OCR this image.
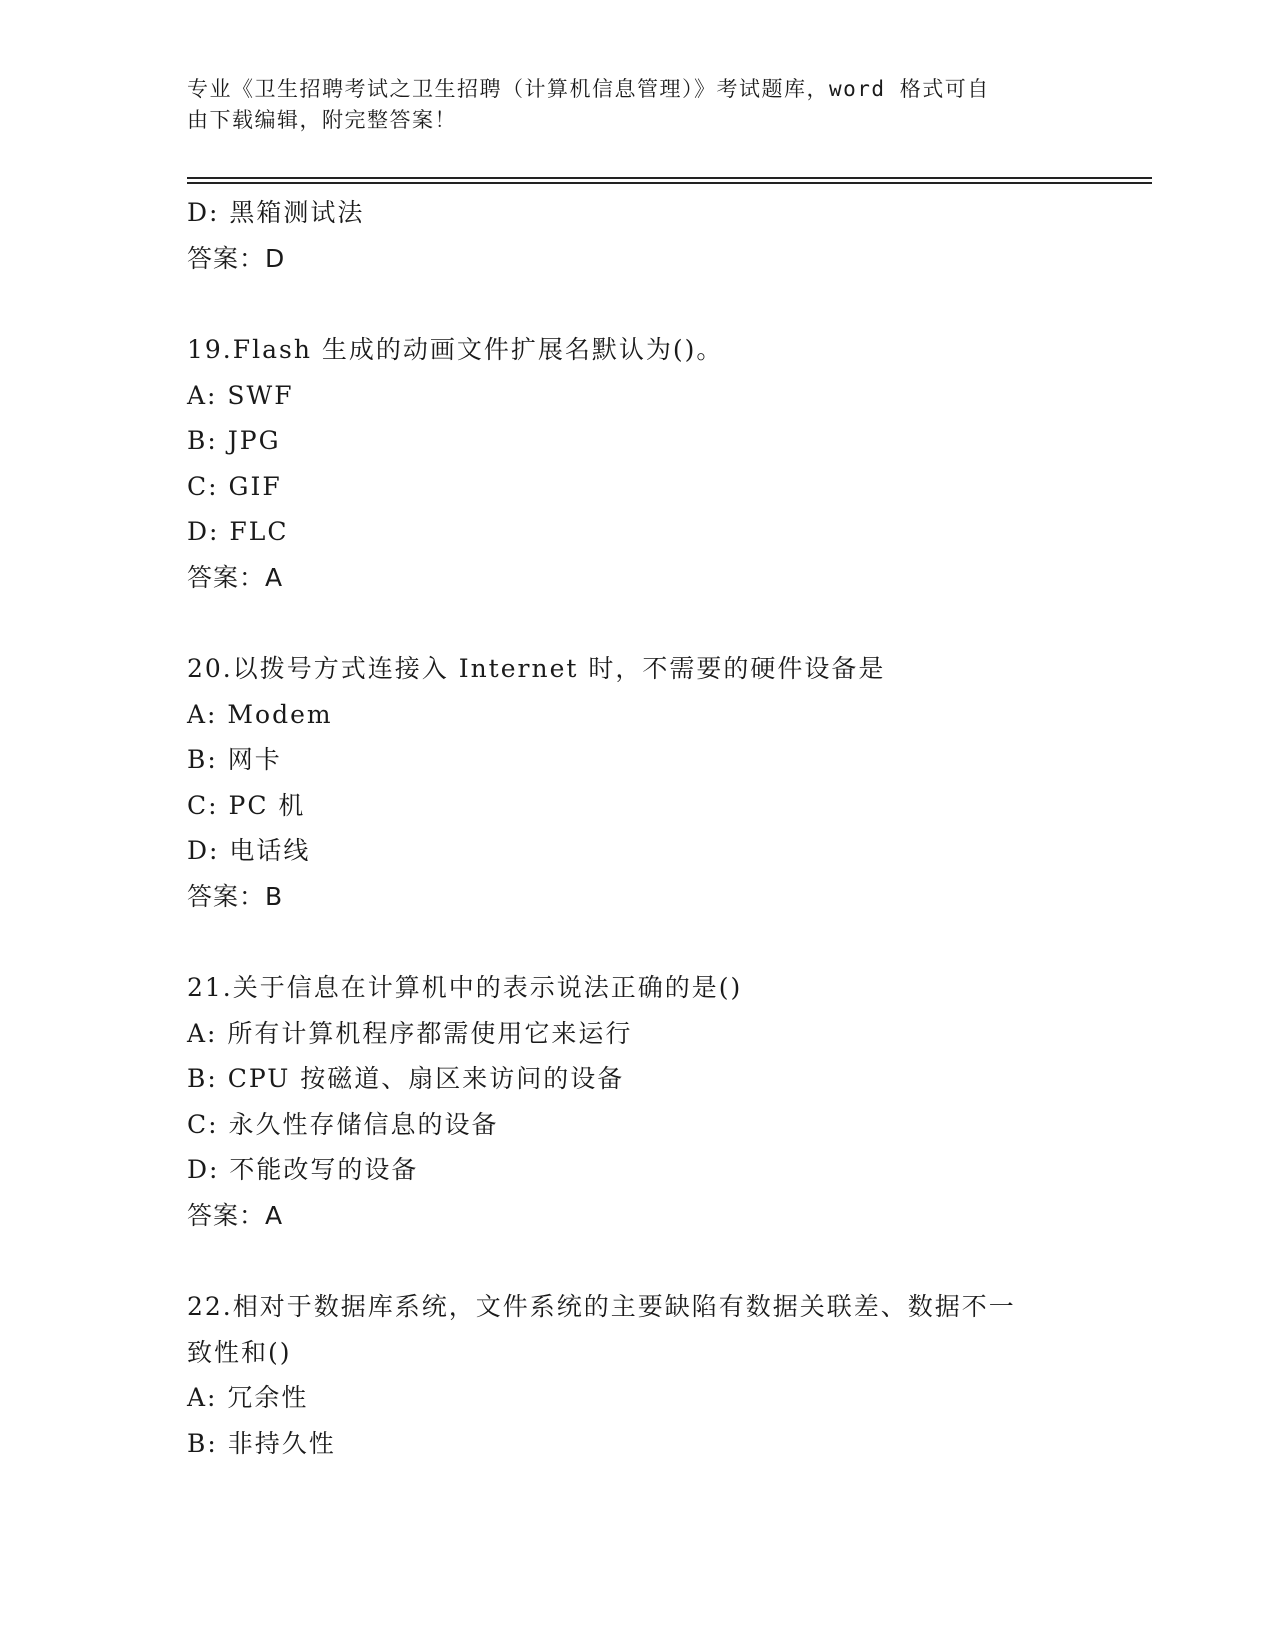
专业《卫生招聘考试之卫生招聘（计算机信息管理）》考试题库，word 格式可自
由下载编辑，附完整答案！
D: 黑箱测试法
答案：D
19.Flash 生成的动画文件扩展名默认为()。
A: SWF
B: JPG
C: GIF
D: FLC
答案：A
20.以拨号方式连接入 Internet 时，不需要的硬件设备是
A: Modem
B: 网卡
C: PC 机
D: 电话线
答案：B
21.关于信息在计算机中的表示说法正确的是()
A: 所有计算机程序都需使用它来运行
B: CPU 按磁道、扇区来访问的设备
C: 永久性存储信息的设备
D: 不能改写的设备
答案：A
22.相对于数据库系统，文件系统的主要缺陷有数据关联差、数据不一
致性和()
A: 冗余性
B: 非持久性
